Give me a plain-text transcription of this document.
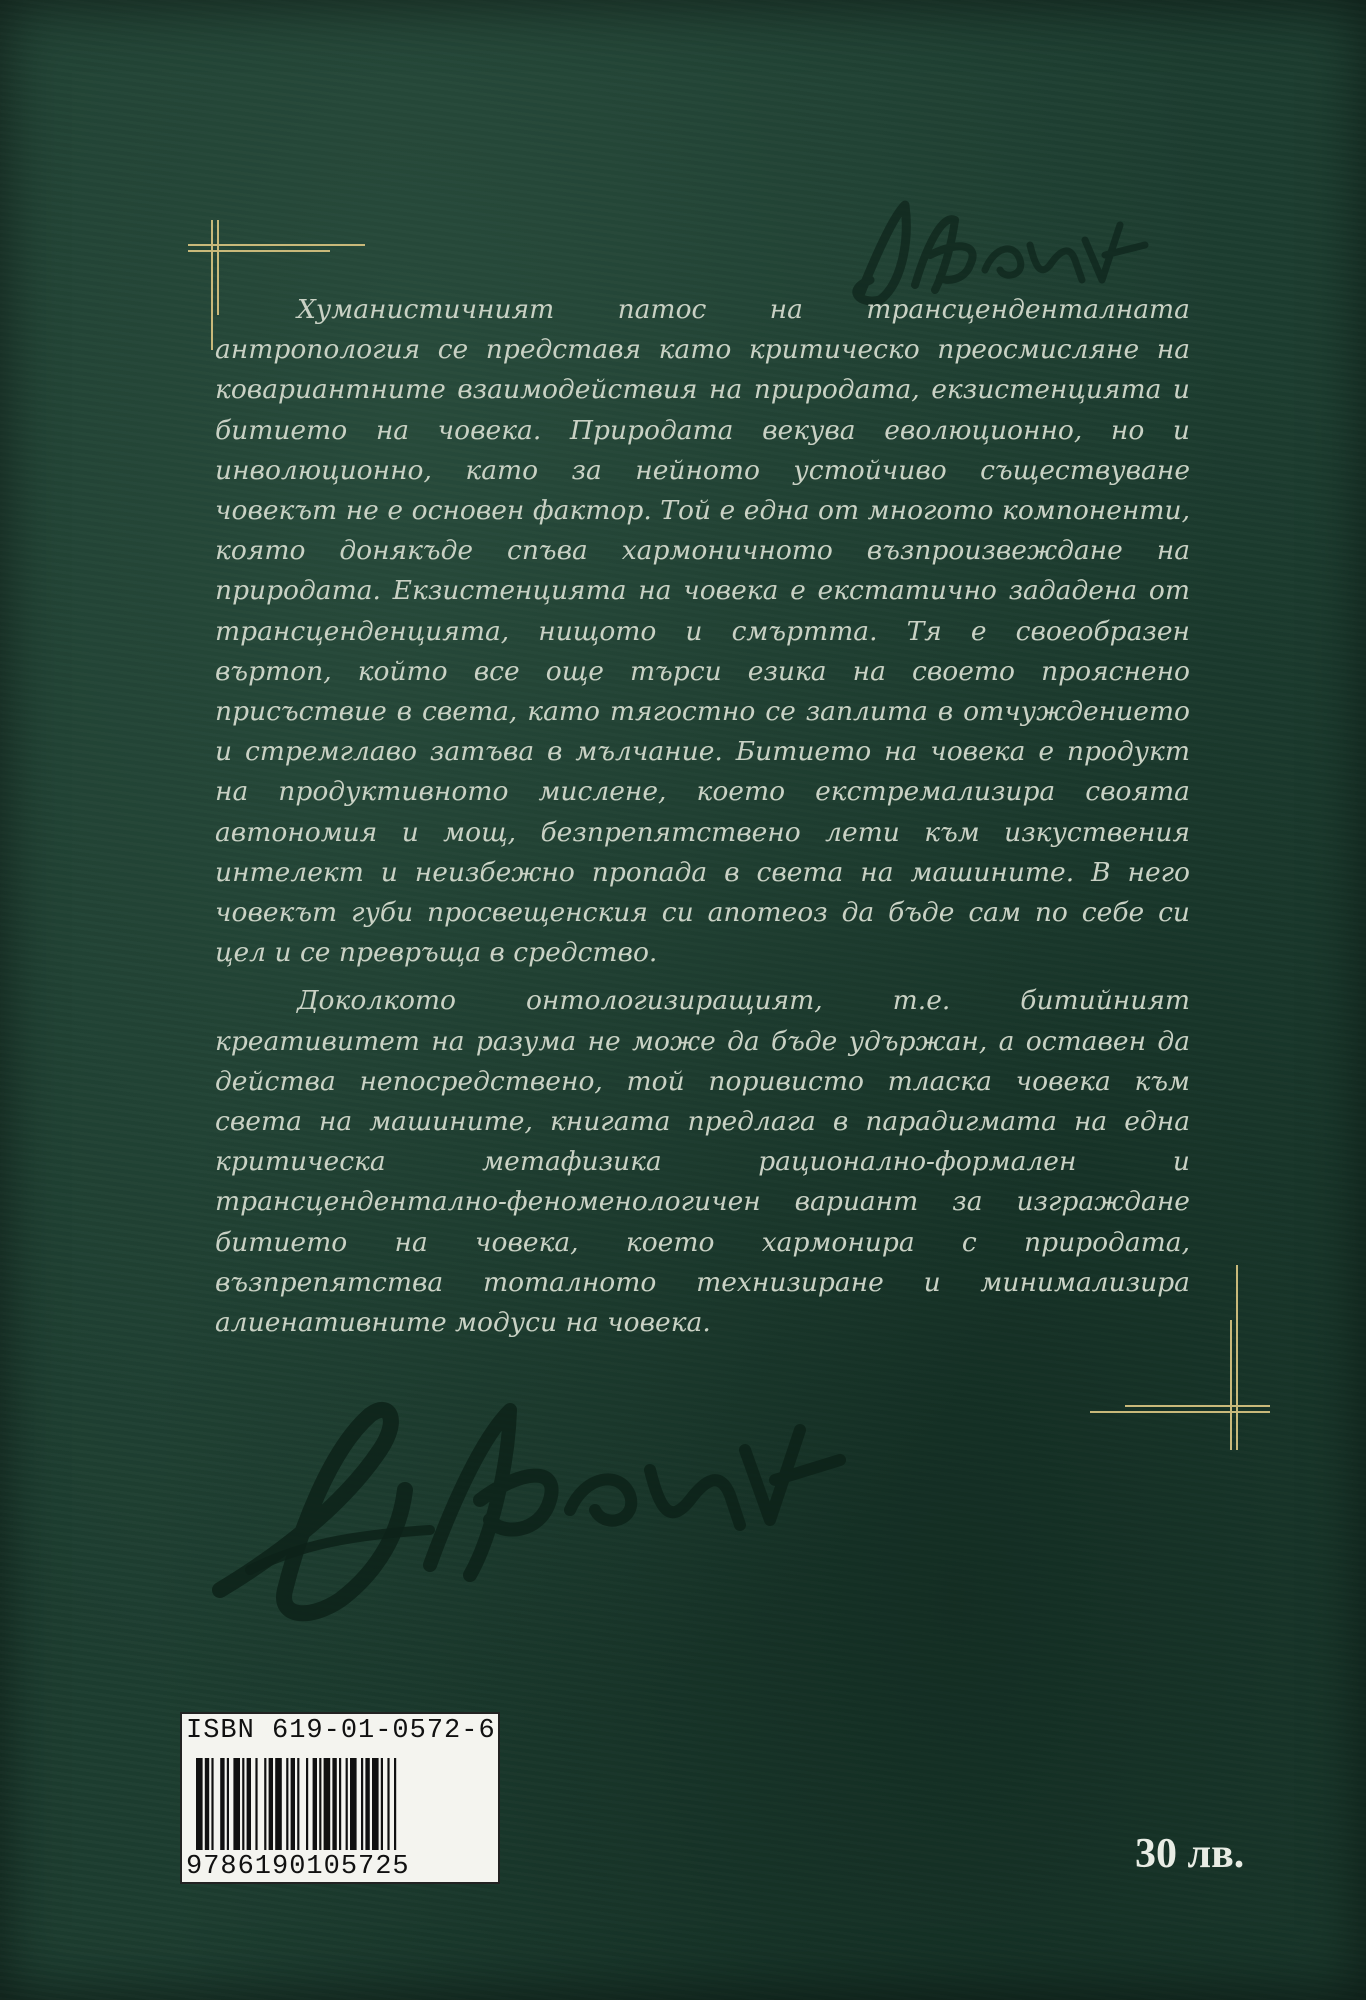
Хуманистичният патос на трансценденталната антропология се представя като критическо преосмисляне на ковариантните взаимодействия на природата, екзистенцията и битието на човека. Природата векува еволюционно, но и инволюционно, като за нейното устойчиво съществуване човекът не е основен фактор. Той е една от многото компоненти, която донякъде спъва хармоничното възпроизвеждане на природата. Екзистенцията на човека е екстатично зададена от трансценденцията, нищото и смъртта. Тя е своеобразен въртоп, който все още търси езика на своето прояснено присъствие в света, като тягостно се заплита в отчуждението и стремглаво затъва в мълчание. Битието на човека е продукт на продуктивното мислене, което екстремализира своята автономия и мощ, безпрепятствено лети към изкуствения интелект и неизбежно пропада в света на машините. В него човекът губи просвещенския си апотеоз да бъде сам по себе си цел и се превръща в средство.

Доколкото онтологизиращият, т.е. битийният креативитет на разума не може да бъде удържан, а оставен да действа непосредствено, той поривисто тласка човека към света на машините, книгата предлага в парадигмата на една критическа метафизика рационално-формален и трансцендентално-феноменологичен вариант за изграждане битието на човека, което хармонира с природата, възпрепятства тоталното технизиране и минимализира алиенативните модуси на човека.

ISBN 619-01-0572-6
9786190105725	30 лв.
